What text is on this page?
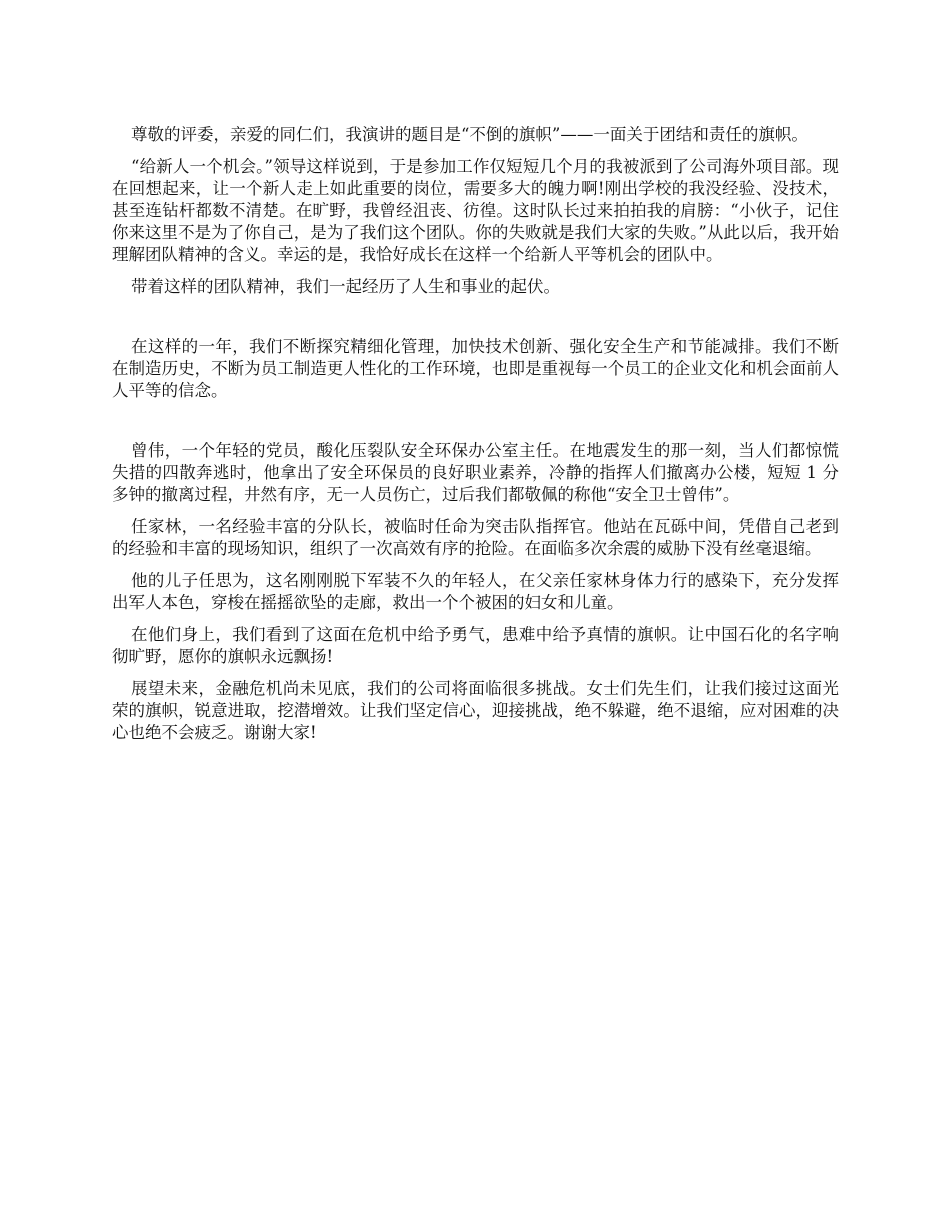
尊敬的评委，亲爱的同仁们，我演讲的题目是“不倒的旗帜”——一面关于团结和责任的旗帜。

“给新人一个机会。”领导这样说到，于是参加工作仅短短几个月的我被派到了公司海外项目部。现在回想起来，让一个新人走上如此重要的岗位，需要多大的魄力啊!刚出学校的我没经验、没技术，甚至连钻杆都数不清楚。在旷野，我曾经沮丧、彷徨。这时队长过来拍拍我的肩膀：“小伙子，记住你来这里不是为了你自己，是为了我们这个团队。你的失败就是我们大家的失败。”从此以后，我开始理解团队精神的含义。幸运的是，我恰好成长在这样一个给新人平等机会的团队中。

带着这样的团队精神，我们一起经历了人生和事业的起伏。

在这样的一年，我们不断探究精细化管理，加快技术创新、强化安全生产和节能减排。我们不断在制造历史，不断为员工制造更人性化的工作环境，也即是重视每一个员工的企业文化和机会面前人人平等的信念。

曾伟，一个年轻的党员，酸化压裂队安全环保办公室主任。在地震发生的那一刻，当人们都惊慌失措的四散奔逃时，他拿出了安全环保员的良好职业素养，冷静的指挥人们撤离办公楼，短短 1 分多钟的撤离过程，井然有序，无一人员伤亡，过后我们都敬佩的称他“安全卫士曾伟”。

任家林，一名经验丰富的分队长，被临时任命为突击队指挥官。他站在瓦砾中间，凭借自己老到的经验和丰富的现场知识，组织了一次高效有序的抢险。在面临多次余震的威胁下没有丝毫退缩。

他的儿子任思为，这名刚刚脱下军装不久的年轻人，在父亲任家林身体力行的感染下，充分发挥出军人本色，穿梭在摇摇欲坠的走廊，救出一个个被困的妇女和儿童。

在他们身上，我们看到了这面在危机中给予勇气，患难中给予真情的旗帜。让中国石化的名字响彻旷野，愿你的旗帜永远飘扬!

展望未来，金融危机尚未见底，我们的公司将面临很多挑战。女士们先生们，让我们接过这面光荣的旗帜，锐意进取，挖潜增效。让我们坚定信心，迎接挑战，绝不躲避，绝不退缩，应对困难的决心也绝不会疲乏。谢谢大家!
